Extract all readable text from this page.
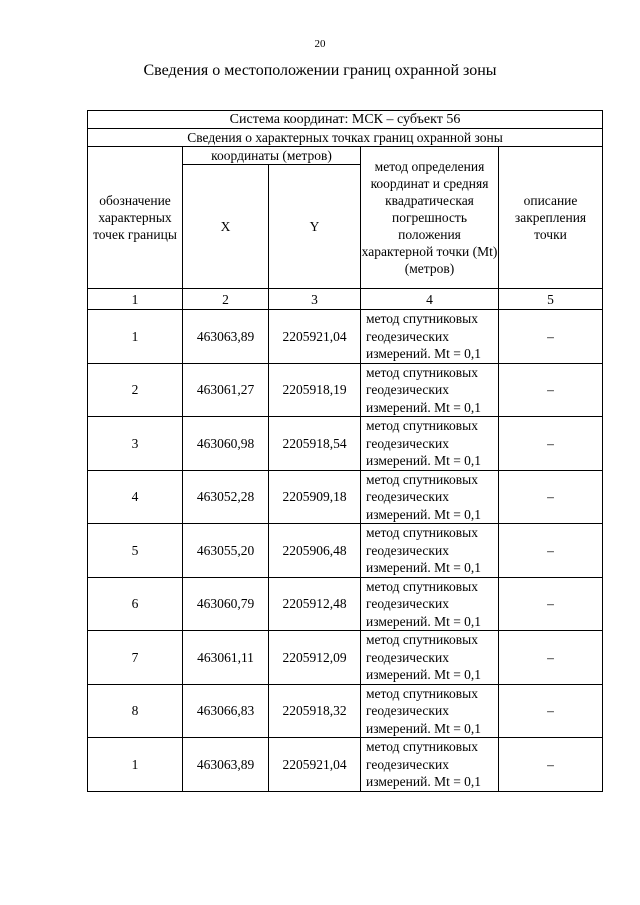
20
Сведения о местоположении границ охранной зоны
Система координат: МСК – субъект 56				
Сведения о характерных точках границ охранной зоны				
обозначение характерных точек границы	координаты (метров)		метод определения координат и средняя квадратическая погрешность положения характерной точки (Mt) (метров)	описание закрепления точки
	X	Y		
1	2	3	4	5
1	463063,89	2205921,04	метод спутниковых геодезических измерений. Mt = 0,1	–
2	463061,27	2205918,19	метод спутниковых геодезических измерений. Mt = 0,1	–
3	463060,98	2205918,54	метод спутниковых геодезических измерений. Mt = 0,1	–
4	463052,28	2205909,18	метод спутниковых геодезических измерений. Mt = 0,1	–
5	463055,20	2205906,48	метод спутниковых геодезических измерений. Mt = 0,1	–
6	463060,79	2205912,48	метод спутниковых геодезических измерений. Mt = 0,1	–
7	463061,11	2205912,09	метод спутниковых геодезических измерений. Mt = 0,1	–
8	463066,83	2205918,32	метод спутниковых геодезических измерений. Mt = 0,1	–
1	463063,89	2205921,04	метод спутниковых геодезических измерений. Mt = 0,1	–
